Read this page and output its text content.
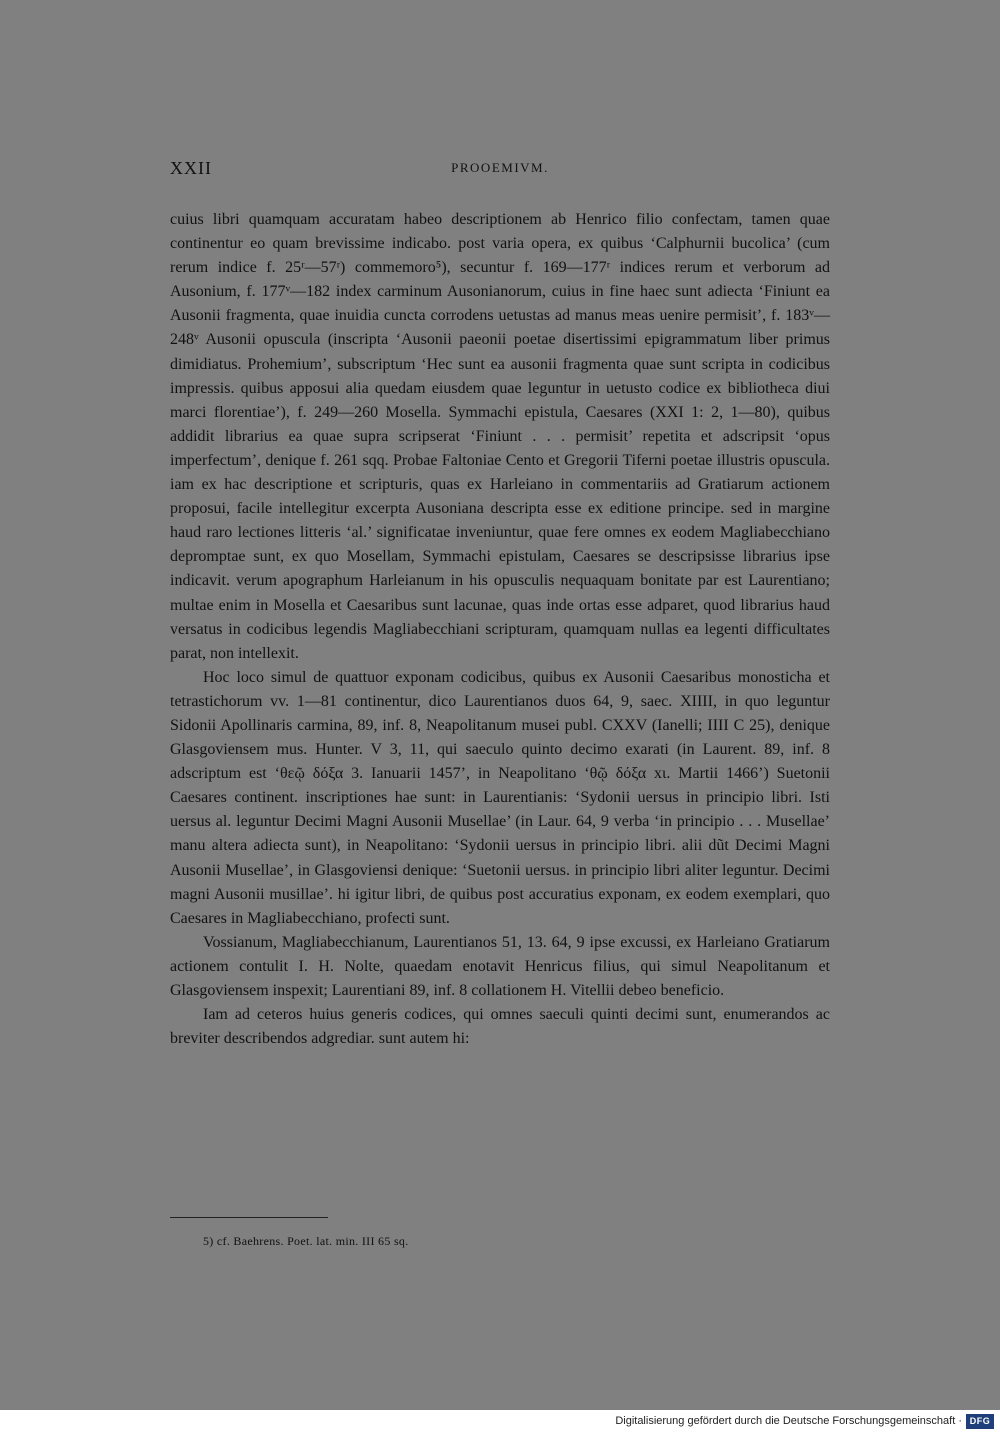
XXII	PROOEMIVM.

cuius libri quamquam accuratam habeo descriptionem ab Henrico filio confectam, tamen quae continentur eo quam brevissime indicabo. post varia opera, ex quibus ‘Calphurnii bucolica’ (cum rerum indice f. 25ʳ—57ʳ) commemoro⁵), secuntur f. 169—177ʳ indices rerum et verborum ad Ausonium, f. 177ᵛ—182 index carminum Ausonianorum, cuius in fine haec sunt adiecta ‘Finiunt ea Ausonii fragmenta, quae inuidia cuncta corrodens uetustas ad manus meas uenire permisit’, f. 183ᵛ—248ᵛ Ausonii opuscula (inscripta ‘Ausonii paeonii poetae disertissimi epigrammatum liber primus dimidiatus. Prohemium’, subscriptum ‘Hec sunt ea ausonii fragmenta quae sunt scripta in codicibus impressis. quibus apposui alia quedam eiusdem quae leguntur in uetusto codice ex bibliotheca diui marci florentiae’), f. 249—260 Mosella. Symmachi epistula, Caesares (XXI 1: 2, 1—80), quibus addidit librarius ea quae supra scripserat ‘Finiunt . . . permisit’ repetita et adscripsit ‘opus imperfectum’, denique f. 261 sqq. Probae Faltoniae Cento et Gregorii Tiferni poetae illustris opuscula. iam ex hac descriptione et scripturis, quas ex Harleiano in commentariis ad Gratiarum actionem proposui, facile intellegitur excerpta Ausoniana descripta esse ex editione principe. sed in margine haud raro lectiones litteris ‘al.’ significatae inveniuntur, quae fere omnes ex eodem Magliabecchiano depromptae sunt, ex quo Mosellam, Symmachi epistulam, Caesares se descripsisse librarius ipse indicavit. verum apographum Harleianum in his opusculis nequaquam bonitate par est Laurentiano; multae enim in Mosella et Caesaribus sunt lacunae, quas inde ortas esse adparet, quod librarius haud versatus in codicibus legendis Magliabecchiani scripturam, quamquam nullas ea legenti difficultates parat, non intellexit.

Hoc loco simul de quattuor exponam codicibus, quibus ex Ausonii Caesaribus monosticha et tetrastichorum vv. 1—81 continentur, dico Laurentianos duos 64, 9, saec. XIIII, in quo leguntur Sidonii Apollinaris carmina, 89, inf. 8, Neapolitanum musei publ. CXXV (Ianelli; IIII C 25), denique Glasgoviensem mus. Hunter. V 3, 11, qui saeculo quinto decimo exarati (in Laurent. 89, inf. 8 adscriptum est ‘θεῷ δόξα 3. Ianuarii 1457’, in Neapolitano ‘θῷ δόξα xι. Martii 1466’) Suetonii Caesares continent. inscriptiones hae sunt: in Laurentianis: ‘Sydonii uersus in principio libri. Isti uersus al. leguntur Decimi Magni Ausonii Musellae’ (in Laur. 64, 9 verba ‘in principio . . . Musellae’ manu altera adiecta sunt), in Neapolitano: ‘Sydonii uersus in principio libri. alii dũt Decimi Magni Ausonii Musellae’, in Glasgoviensi denique: ‘Suetonii uersus. in principio libri aliter leguntur. Decimi magni Ausonii musillae’. hi igitur libri, de quibus post accuratius exponam, ex eodem exemplari, quo Caesares in Magliabecchiano, profecti sunt.

Vossianum, Magliabecchianum, Laurentianos 51, 13. 64, 9 ipse excussi, ex Harleiano Gratiarum actionem contulit I. H. Nolte, quaedam enotavit Henricus filius, qui simul Neapolitanum et Glasgoviensem inspexit; Laurentiani 89, inf. 8 collationem H. Vitellii debeo beneficio.

Iam ad ceteros huius generis codices, qui omnes saeculi quinti decimi sunt, enumerandos ac breviter describendos adgrediar. sunt autem hi:

5) cf. Baehrens. Poet. lat. min. III 65 sq.
Digitalisierung gefördert durch die Deutsche Forschungsgemeinschaft · DFG
